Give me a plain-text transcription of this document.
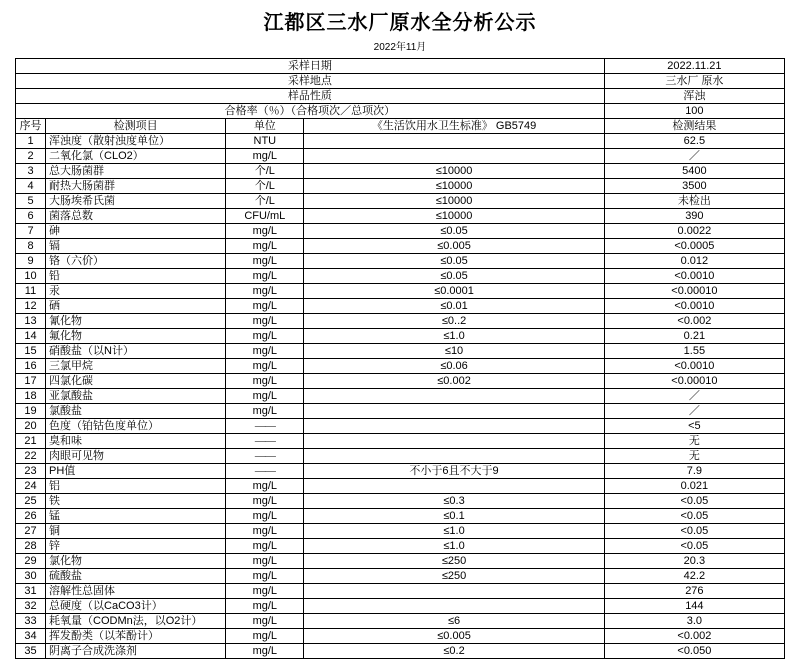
江都区三水厂原水全分析公示
2022年11月
采样日期				2022.11.21
采样地点				三水厂 原水
样品性质				浑浊
合格率（％）（合格项次／总项次）				100
序号	检测项目	单位	《生活饮用水卫生标准》 GB5749	检测结果
1	浑浊度（散射浊度单位）	NTU		62.5
2	二氧化氯（CLO2）	mg/L		／
3	总大肠菌群	个/L	≤10000	5400
4	耐热大肠菌群	个/L	≤10000	3500
5	大肠埃希氏菌	个/L	≤10000	未检出
6	菌落总数	CFU/mL	≤10000	390
7	砷	mg/L	≤0.05	0.0022
8	镉	mg/L	≤0.005	<0.0005
9	铬（六价）	mg/L	≤0.05	0.012
10	铅	mg/L	≤0.05	<0.0010
11	汞	mg/L	≤0.0001	<0.00010
12	硒	mg/L	≤0.01	<0.0010
13	氰化物	mg/L	≤0..2	<0.002
14	氟化物	mg/L	≤1.0	0.21
15	硝酸盐（以N计）	mg/L	≤10	1.55
16	三氯甲烷	mg/L	≤0.06	<0.0010
17	四氯化碳	mg/L	≤0.002	<0.00010
18	亚氯酸盐	mg/L		／
19	氯酸盐	mg/L		／
20	色度（铂钴色度单位）	——		<5
21	臭和味	——		无
22	肉眼可见物	——		无
23	PH值	——	不小于6且不大于9	7.9
24	铝	mg/L		0.021
25	铁	mg/L	≤0.3	<0.05
26	锰	mg/L	≤0.1	<0.05
27	铜	mg/L	≤1.0	<0.05
28	锌	mg/L	≤1.0	<0.05
29	氯化物	mg/L	≤250	20.3
30	硫酸盐	mg/L	≤250	42.2
31	溶解性总固体	mg/L		276
32	总硬度（以CaCO3计）	mg/L		144
33	耗氧量（CODMn法，以O2计）	mg/L	≤6	3.0
34	挥发酚类（以苯酚计）	mg/L	≤0.005	<0.002
35	阴离子合成洗涤剂	mg/L	≤0.2	<0.050
